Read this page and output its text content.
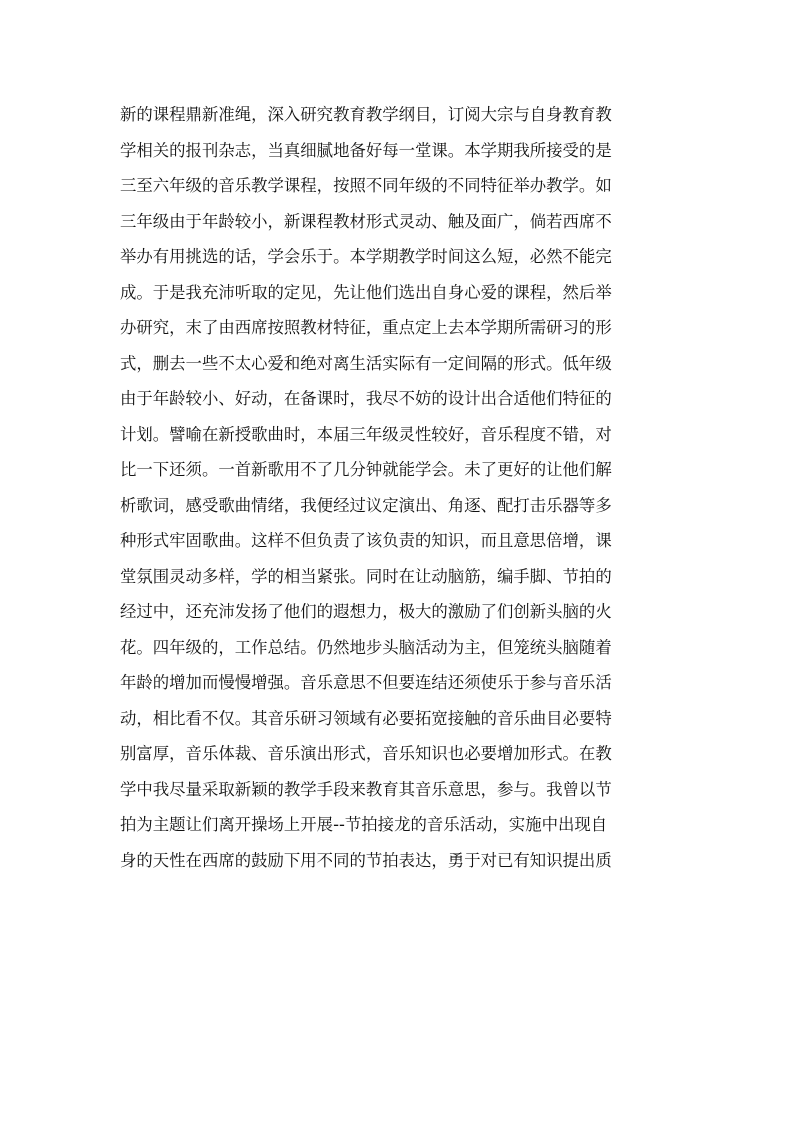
新的课程鼎新准绳，深入研究教育教学纲目，订阅大宗与自身教育教
学相关的报刊杂志，当真细腻地备好每一堂课。本学期我所接受的是
三至六年级的音乐教学课程，按照不同年级的不同特征举办教学。如
三年级由于年龄较小，新课程教材形式灵动、触及面广，倘若西席不
举办有用挑选的话，学会乐于。本学期教学时间这么短，必然不能完
成。于是我充沛听取的定见，先让他们选出自身心爱的课程，然后举
办研究，末了由西席按照教材特征，重点定上去本学期所需研习的形
式，删去一些不太心爱和绝对离生活实际有一定间隔的形式。低年级
由于年龄较小、好动，在备课时，我尽不妨的设计出合适他们特征的
计划。譬喻在新授歌曲时，本届三年级灵性较好，音乐程度不错，对
比一下还须。一首新歌用不了几分钟就能学会。未了更好的让他们解
析歌词，感受歌曲情绪，我便经过议定演出、角逐、配打击乐器等多
种形式牢固歌曲。这样不但负责了该负责的知识，而且意思倍增，课
堂氛围灵动多样，学的相当紧张。同时在让动脑筋，编手脚、节拍的
经过中，还充沛发扬了他们的遐想力，极大的激励了们创新头脑的火
花。四年级的，工作总结。仍然地步头脑活动为主，但笼统头脑随着
年龄的增加而慢慢增强。音乐意思不但要连结还须使乐于参与音乐活
动，相比看不仅。其音乐研习领域有必要拓宽接触的音乐曲目必要特
别富厚，音乐体裁、音乐演出形式，音乐知识也必要增加形式。在教
学中我尽量采取新颖的教学手段来教育其音乐意思，参与。我曾以节
拍为主题让们离开操场上开展--节拍接龙的音乐活动，实施中出现自
身的天性在西席的鼓励下用不同的节拍表达，勇于对已有知识提出质
